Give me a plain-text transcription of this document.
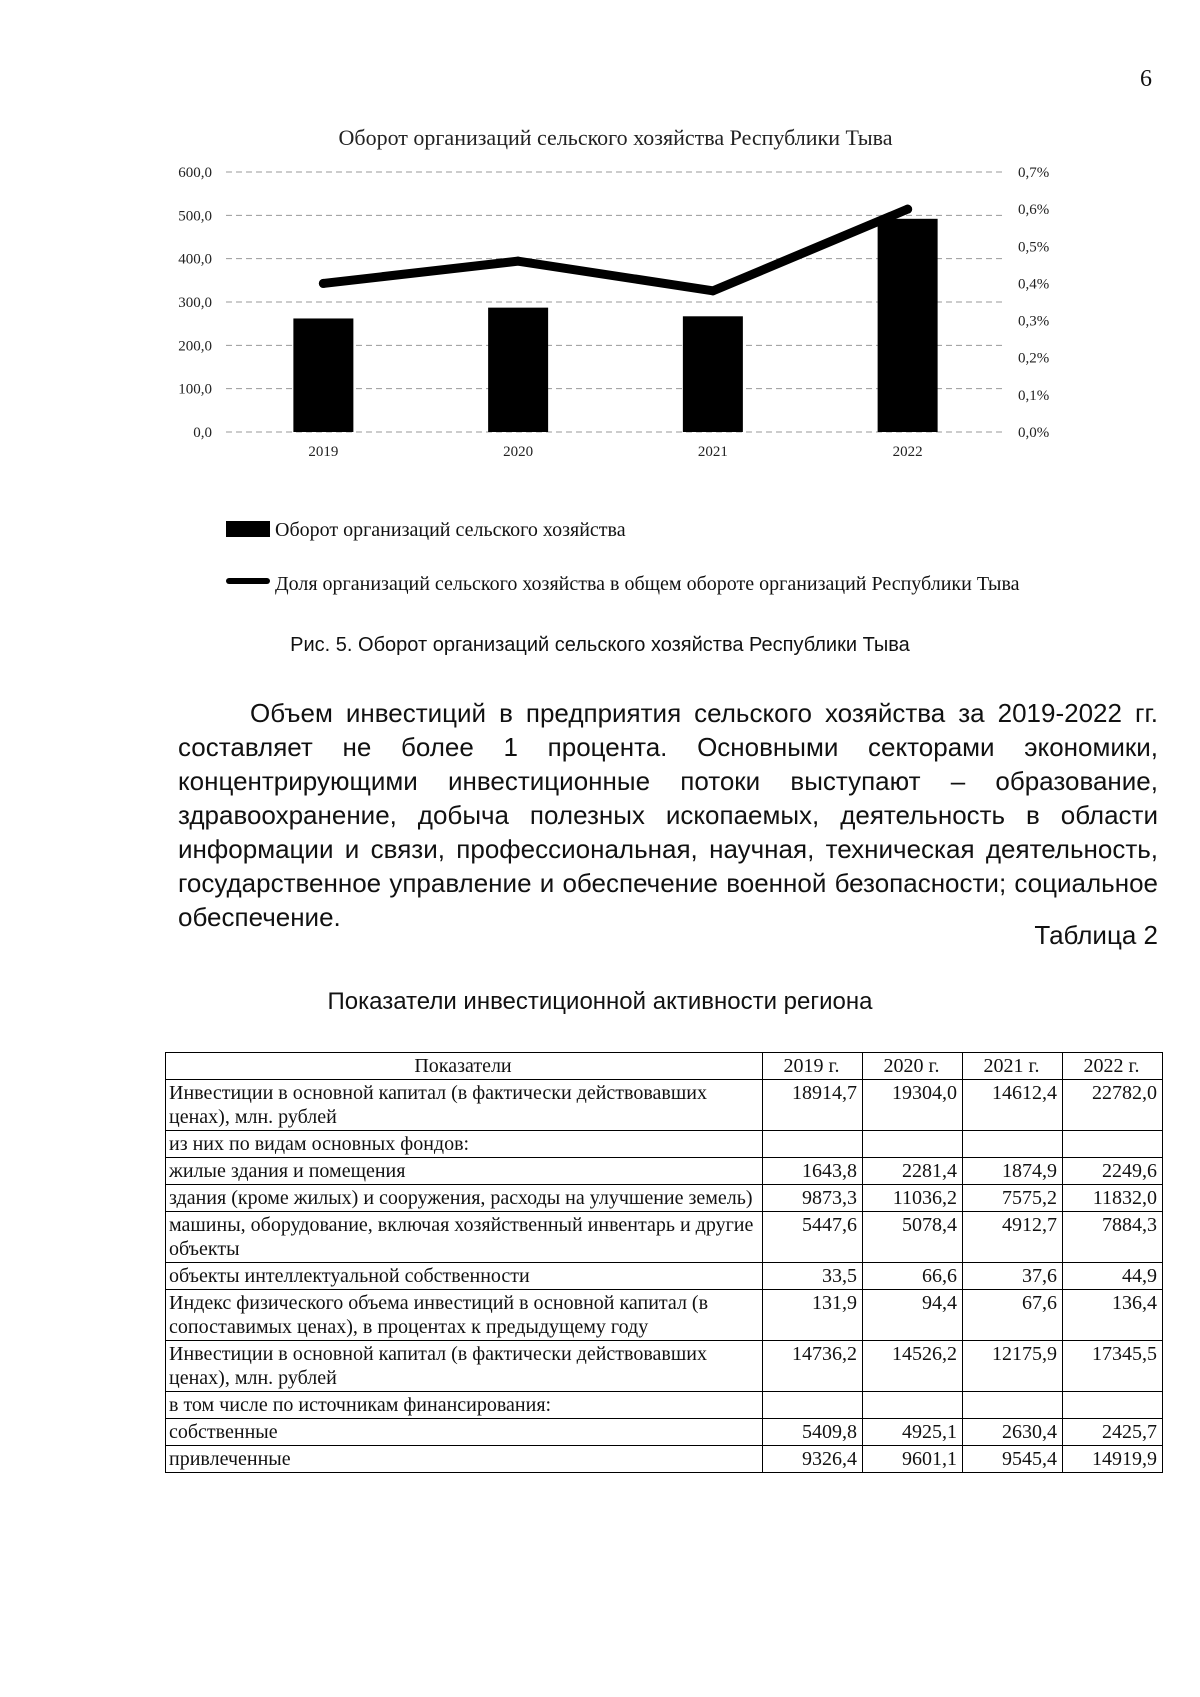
6
Оборот организаций сельского хозяйства Республики Тыва
0,0
100,0
200,0
300,0
400,0
500,0
600,0
0,0%
0,1%
0,2%
0,3%
0,4%
0,5%
0,6%
0,7%
2019	2020	2021	2022
Оборот организаций сельского хозяйства
Доля организаций сельского хозяйства в общем обороте организаций Республики Тыва
Рис. 5. Оборот организаций сельского хозяйства Республики Тыва

Объем инвестиций в предприятия сельского хозяйства за 2019-2022 гг. составляет не более 1 процента. Основными секторами экономики, концентрирующими инвестиционные потоки выступают – образование, здравоохранение, добыча полезных ископаемых, деятельность в области информации и связи, профессиональная, научная, техническая деятельность, государственное управление и обеспечение военной безопасности; социальное обеспечение.

Таблица 2
Показатели инвестиционной активности региона
Показатели	2019 г.	2020 г.	2021 г.	2022 г.
Инвестиции в основной капитал (в фактически действовавших ценах), млн. рублей	18914,7	19304,0	14612,4	22782,0
из них по видам основных фондов:				
жилые здания и помещения	1643,8	2281,4	1874,9	2249,6
здания (кроме жилых) и сооружения, расходы на улучшение земель)	9873,3	11036,2	7575,2	11832,0
машины, оборудование, включая хозяйственный инвентарь и другие объекты	5447,6	5078,4	4912,7	7884,3
объекты интеллектуальной собственности	33,5	66,6	37,6	44,9
Индекс физического объема инвестиций в основной капитал (в сопоставимых ценах), в процентах к предыдущему году	131,9	94,4	67,6	136,4
Инвестиции в основной капитал (в фактически действовавших ценах), млн. рублей	14736,2	14526,2	12175,9	17345,5
в том числе по источникам финансирования:				
собственные	5409,8	4925,1	2630,4	2425,7
привлеченные	9326,4	9601,1	9545,4	14919,9
